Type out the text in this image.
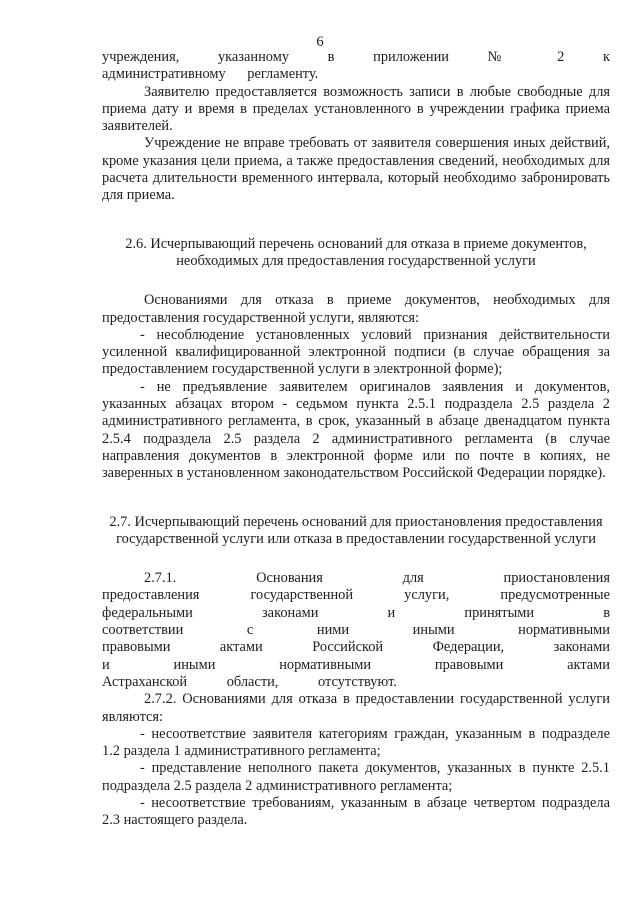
6

учреждения, указанному в приложении № 2 к административному регламенту.

Заявителю предоставляется возможность записи в любые свободные для приема дату и время в пределах установленного в учреждении графика приема заявителей.

Учреждение не вправе требовать от заявителя совершения иных действий, кроме указания цели приема, а также предоставления сведений, необходимых для расчета длительности временного интервала, который необходимо забронировать для приема.

2.6. Исчерпывающий перечень оснований для отказа в приеме документов, необходимых для предоставления государственной услуги

Основаниями для отказа в приеме документов, необходимых для предоставления государственной услуги, являются:

- несоблюдение установленных условий признания действительности усиленной квалифицированной электронной подписи (в случае обращения за предоставлением государственной услуги в электронной форме);

- не предъявление заявителем оригиналов заявления и документов, указанных абзацах втором - седьмом пункта 2.5.1 подраздела 2.5 раздела 2 административного регламента, в срок, указанный в абзаце двенадцатом пункта 2.5.4 подраздела 2.5 раздела 2 административного регламента (в случае направления документов в электронной форме или по почте в копиях, не заверенных в установленном законодательством Российской Федерации порядке).

2.7. Исчерпывающий перечень оснований для приостановления предоставления государственной услуги или отказа в предоставлении государственной услуги

2.7.1. Основания для приостановления предоставления государственной услуги, предусмотренные федеральными законами и принятыми в соответствии с ними иными нормативными правовыми актами Российской Федерации, законами и иными нормативными правовыми актами Астраханской области, отсутствуют.

2.7.2. Основаниями для отказа в предоставлении государственной услуги являются:

- несоответствие заявителя категориям граждан, указанным в подразделе 1.2 раздела 1 административного регламента;

- представление неполного пакета документов, указанных в пункте 2.5.1 подраздела 2.5 раздела 2 административного регламента;

- несоответствие требованиям, указанным в абзаце четвертом подраздела 2.3 настоящего раздела.
